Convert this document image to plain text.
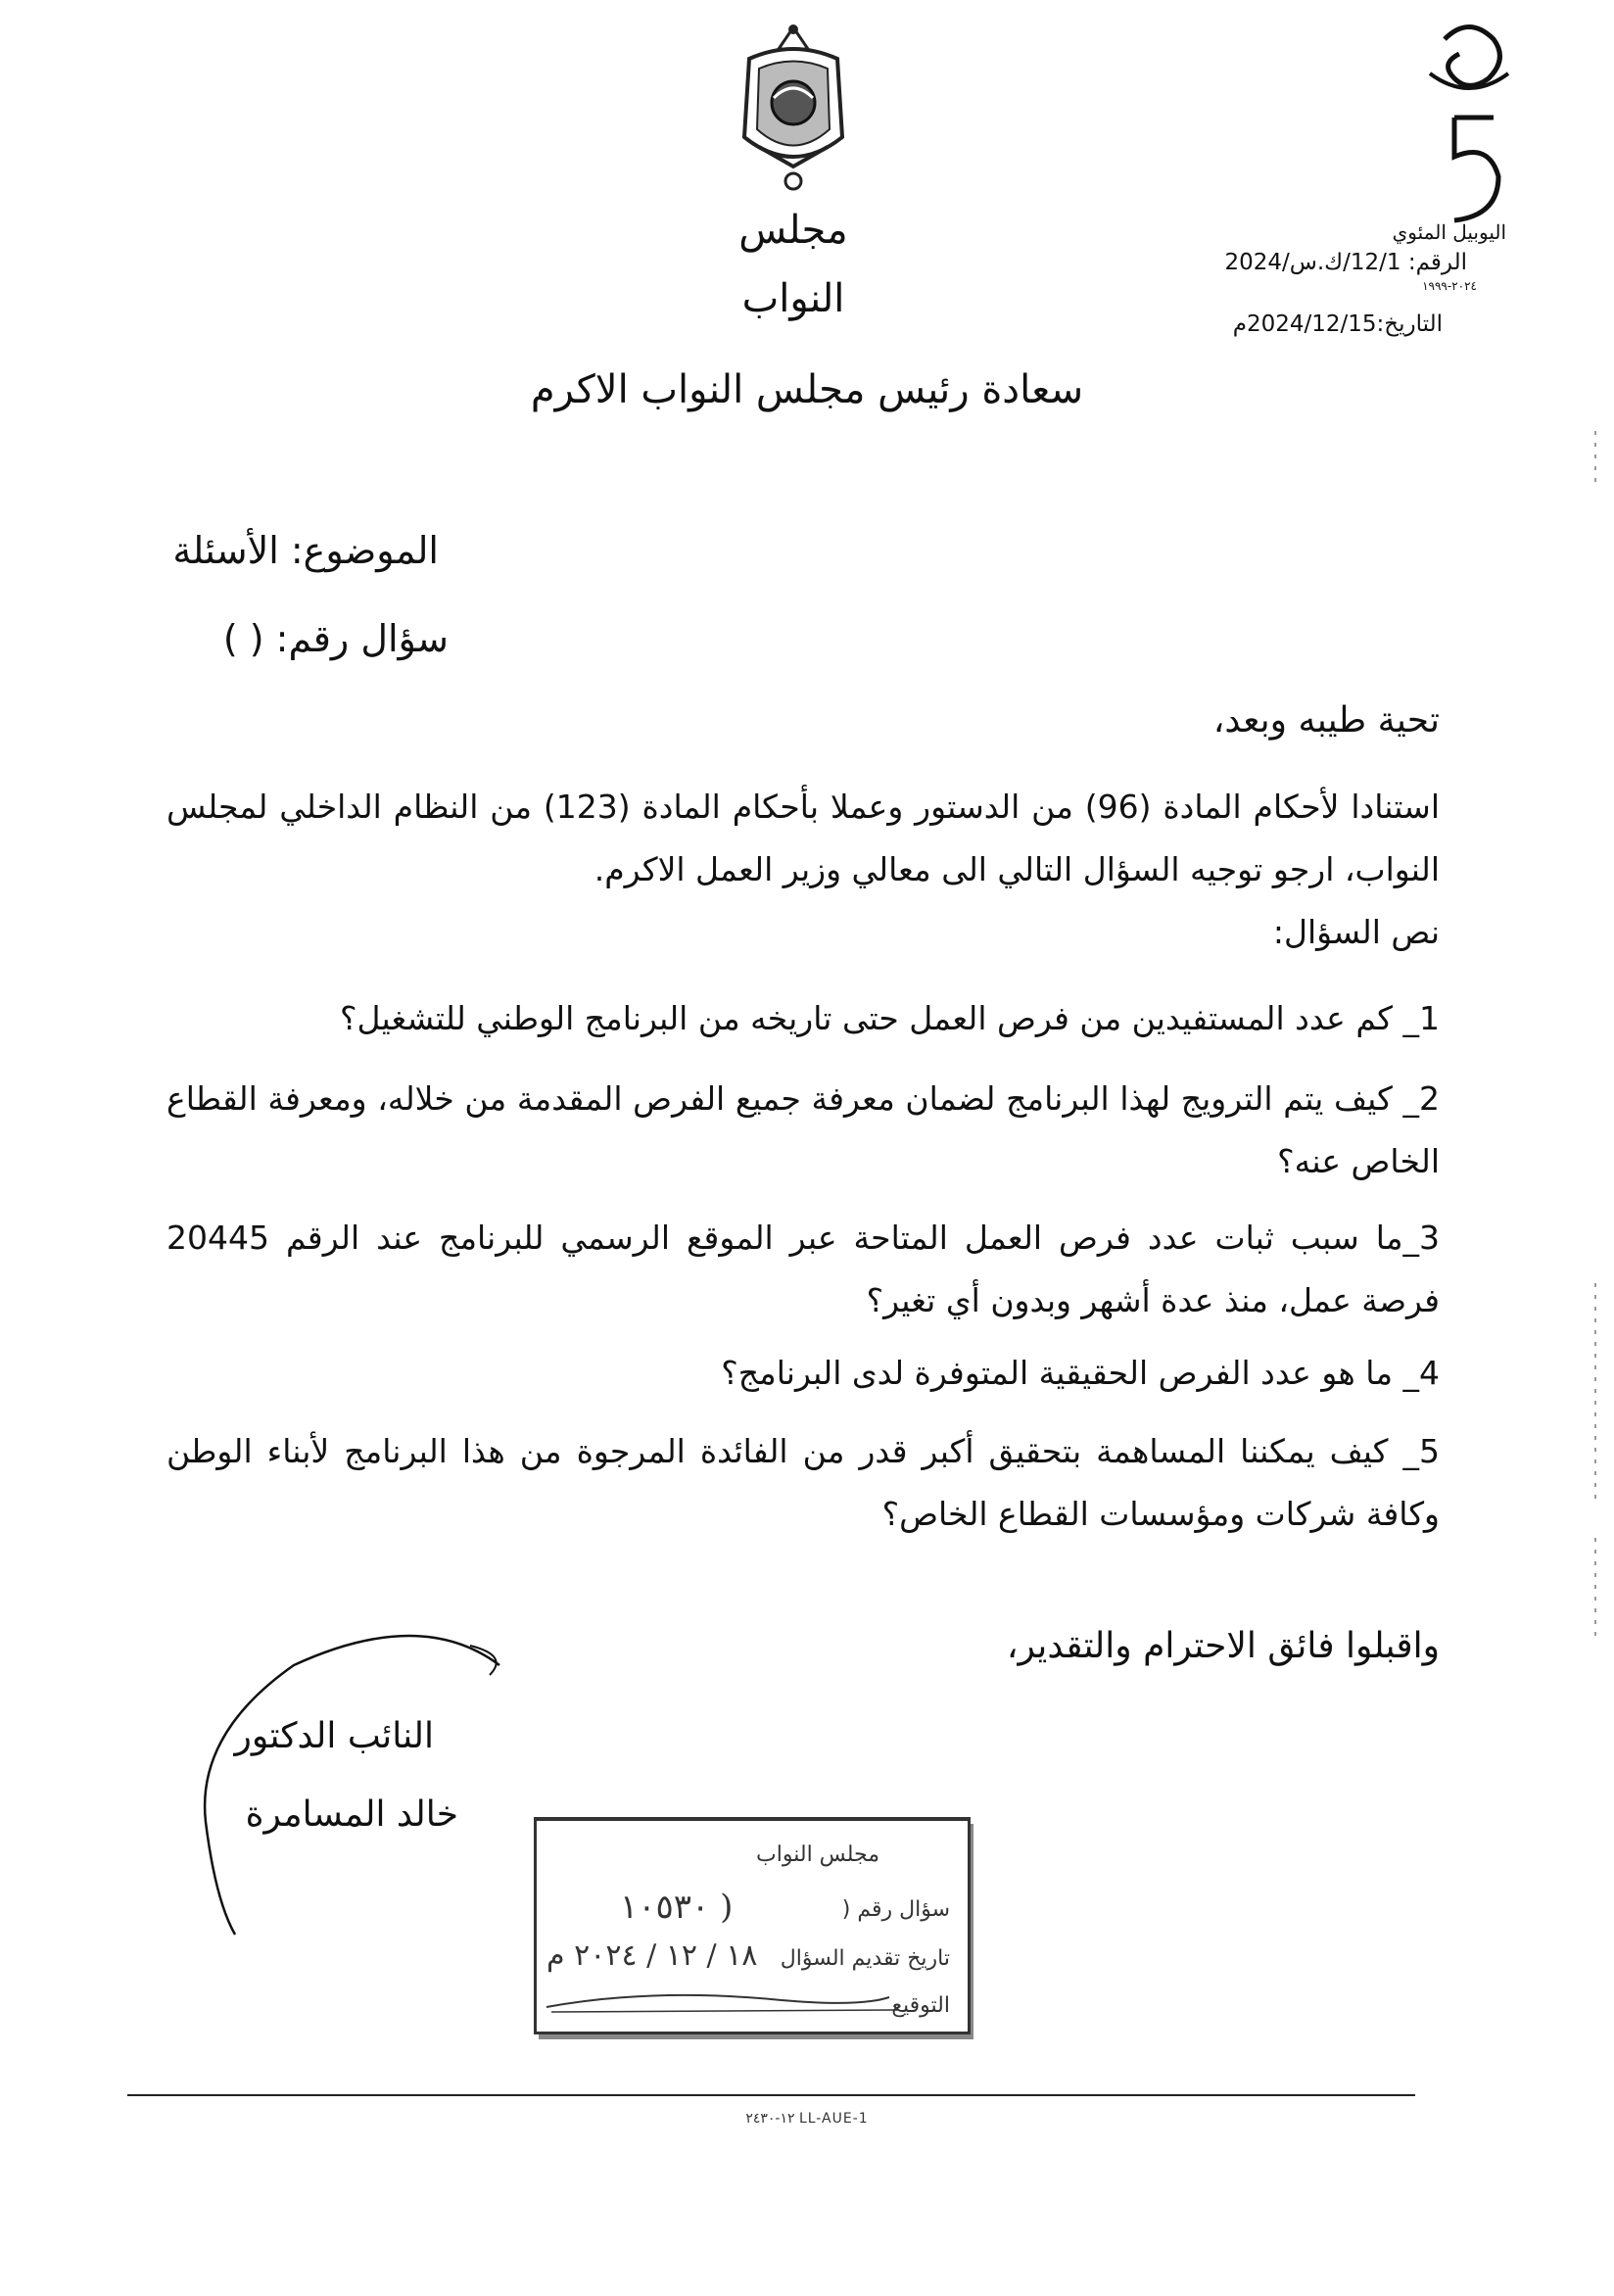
مجلس النواب
اليوبيل المئوي
٢٠٢٤-١٩٩٩
الرقم: 12/1/ك.س/2024
التاريخ:2024/12/15م
سعادة رئيس مجلس النواب الاكرم
الموضوع: الأسئلة
سؤال رقم: ( )
تحية طيبه وبعد،
استنادا لأحكام المادة (96) من الدستور وعملا بأحكام المادة (123) من النظام الداخلي لمجلس النواب، ارجو توجيه السؤال التالي الى معالي وزير العمل الاكرم.
نص السؤال:
1_ كم عدد المستفيدين من فرص العمل حتى تاريخه من البرنامج الوطني للتشغيل؟
2_ كيف يتم الترويج لهذا البرنامج لضمان معرفة جميع الفرص المقدمة من خلاله، ومعرفة القطاع الخاص عنه؟
3_ما سبب ثبات عدد فرص العمل المتاحة عبر الموقع الرسمي للبرنامج عند الرقم 20445 فرصة عمل، منذ عدة أشهر وبدون أي تغير؟
4_ ما هو عدد الفرص الحقيقية المتوفرة لدى البرنامج؟
5_ كيف يمكننا المساهمة بتحقيق أكبر قدر من الفائدة المرجوة من هذا البرنامج لأبناء الوطن وكافة شركات ومؤسسات القطاع الخاص؟
واقبلوا فائق الاحترام والتقدير،
النائب الدكتور
خالد المسامرة
مجلس النواب
سؤال رقم (
١٠٥٣٠ )
تاريخ تقديم السؤال
١٨ / ١٢ / ٢٠٢٤ م
التوقيع
١٢-٢٤٣٠ LL-AUE-1
